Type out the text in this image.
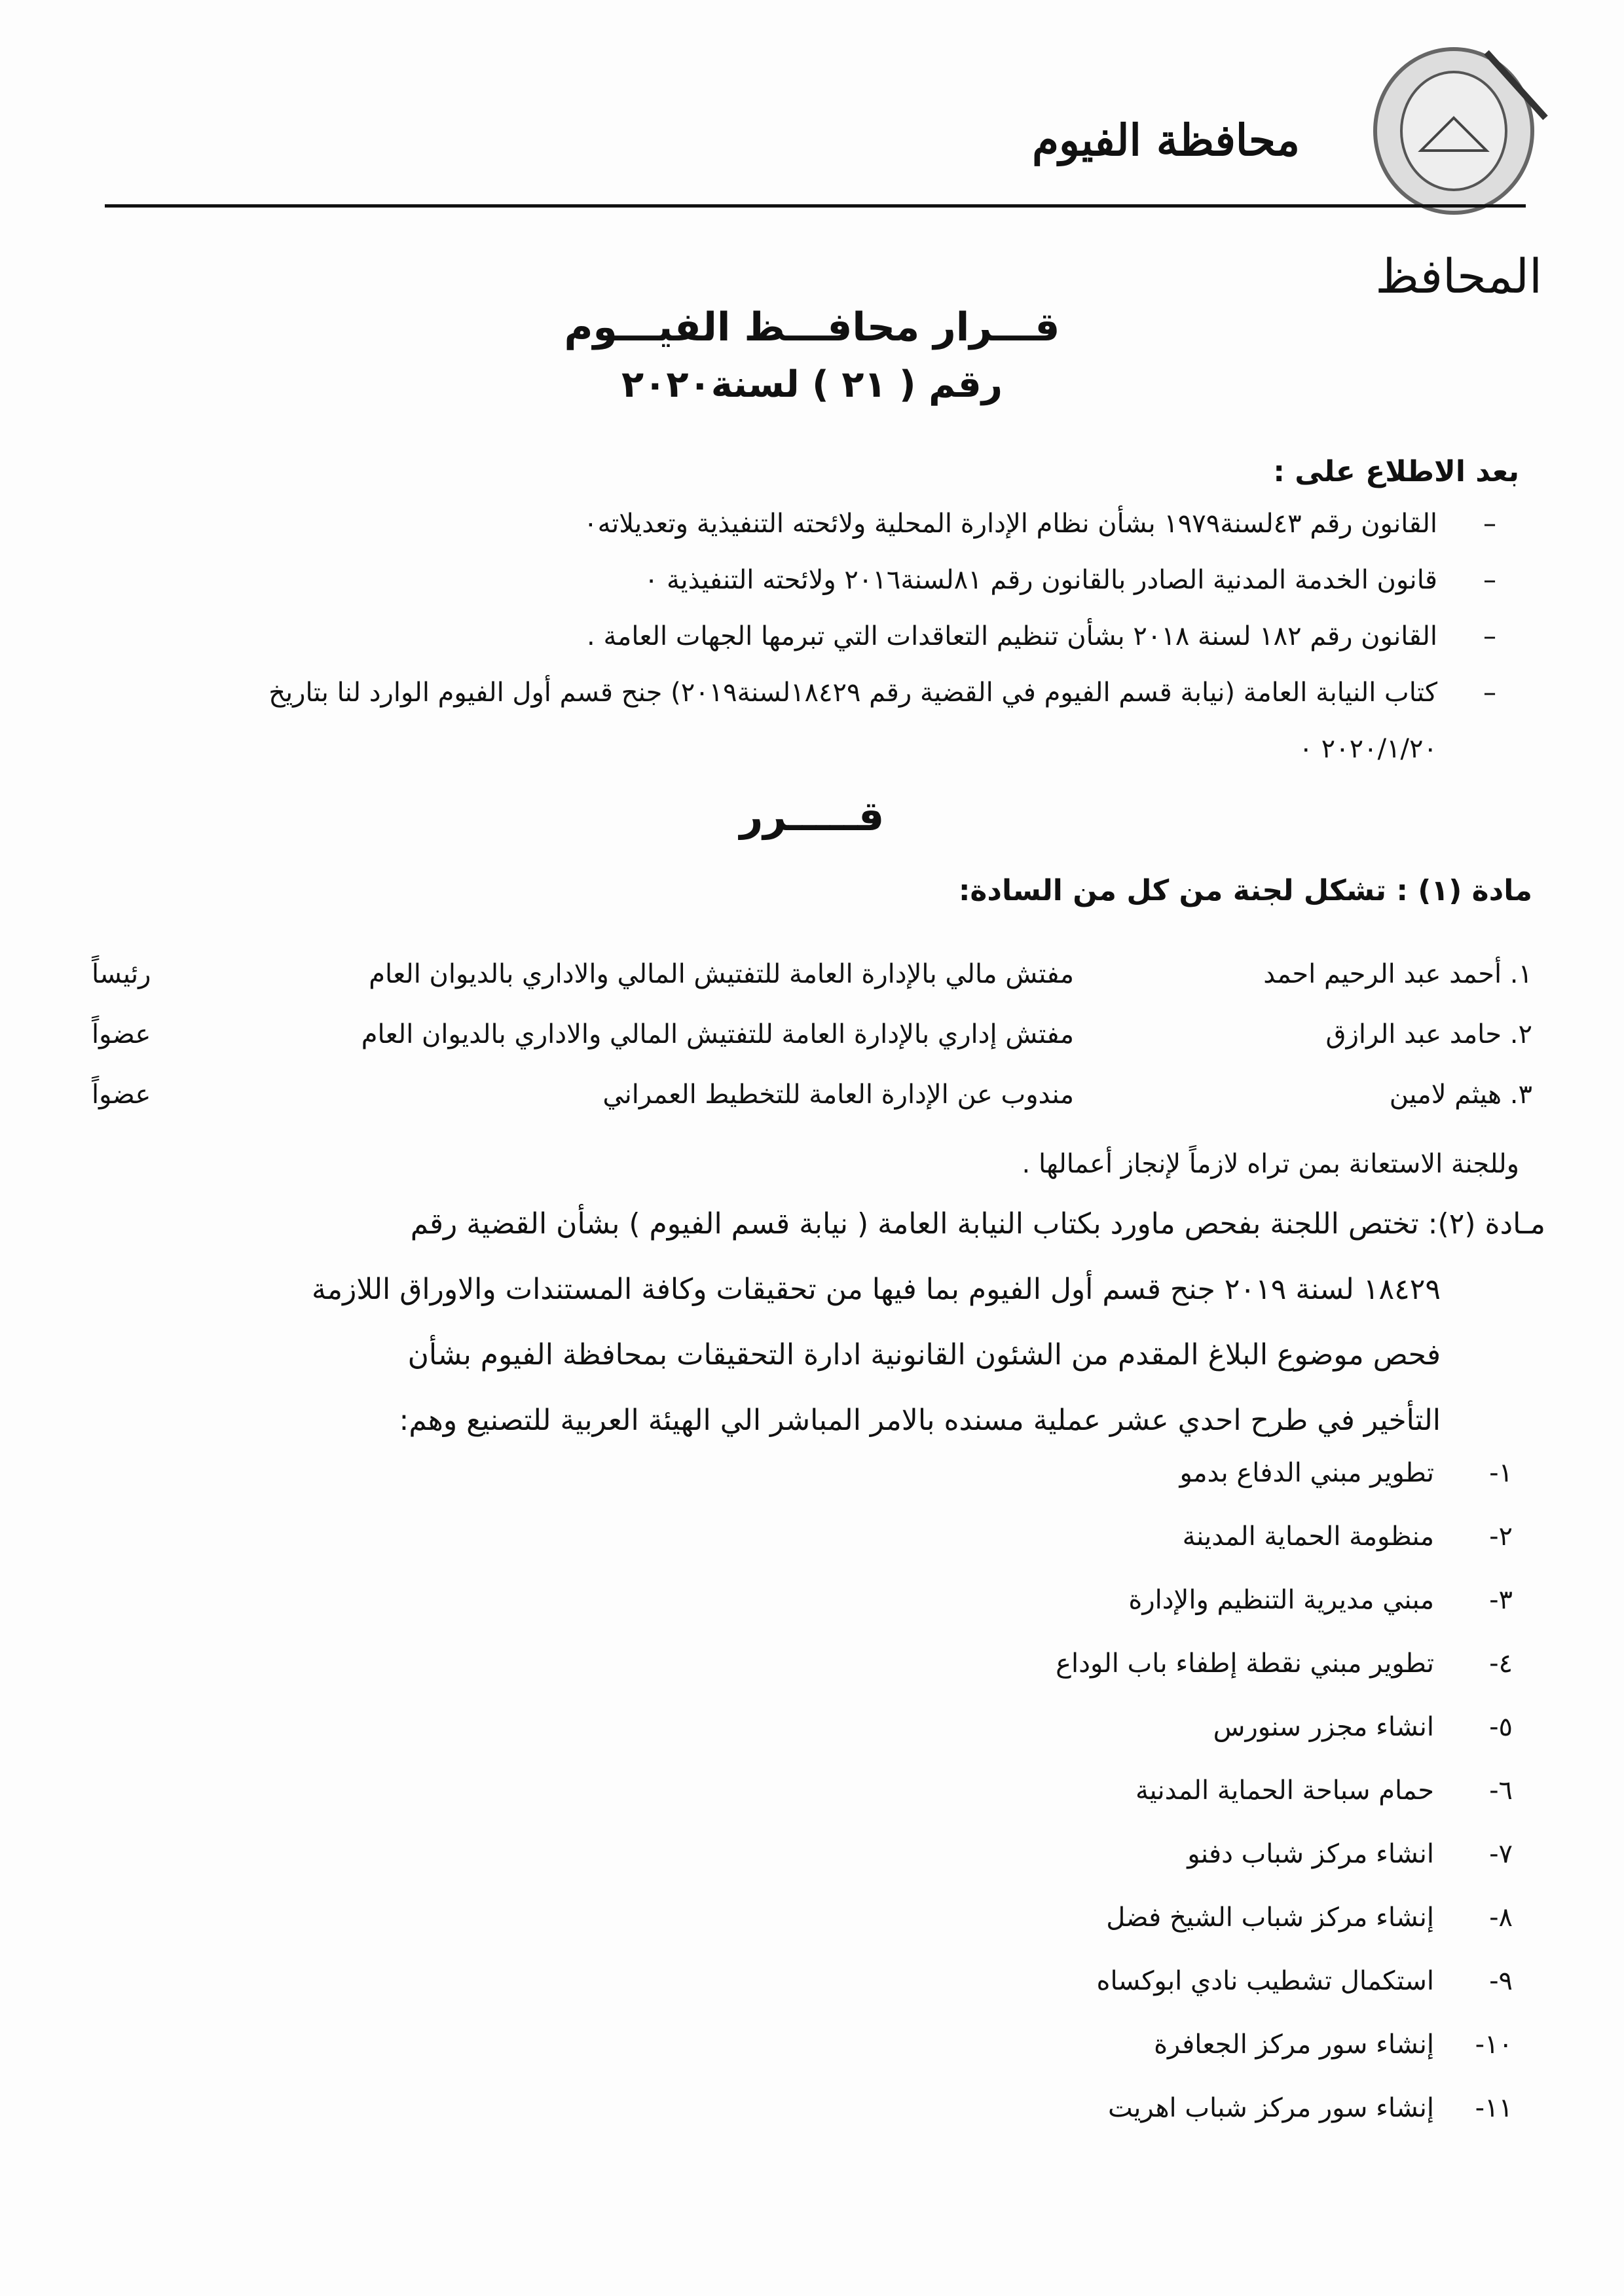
محافظة الفيوم
المحافظ
قـــرار محافـــظ الفيـــوم
رقم ( ٢١ ) لسنة٢٠٢٠
بعد الاطلاع على :
–
القانون رقم ٤٣لسنة١٩٧٩ بشأن نظام الإدارة المحلية ولائحته التنفيذية وتعديلاته٠
–
قانون الخدمة المدنية الصادر بالقانون رقم ٨١لسنة٢٠١٦ ولائحته التنفيذية ٠
–
القانون رقم ١٨٢ لسنة ٢٠١٨ بشأن تنظيم التعاقدات التي تبرمها الجهات العامة .
–
كتاب النيابة العامة (نيابة قسم الفيوم في القضية رقم ١٨٤٢٩لسنة٢٠١٩) جنح قسم أول الفيوم الوارد لنا بتاريخ
٢٠٢٠/١/٢٠ ٠
قـــــرر
مادة (١) : تشكل لجنة من كل من السادة:
١. أحمد عبد الرحيم احمد
مفتش مالي بالإدارة العامة للتفتيش المالي والاداري بالديوان العام
رئيساً
٢. حامد عبد الرازق
مفتش إداري بالإدارة العامة للتفتيش المالي والاداري بالديوان العام
عضواً
٣. هيثم لامين
مندوب عن الإدارة العامة للتخطيط العمراني
عضواً
وللجنة الاستعانة بمن تراه لازماً لإنجاز أعمالها .

مـادة (٢): تختص اللجنة بفحص ماورد بكتاب النيابة العامة ( نيابة قسم الفيوم ) بشأن القضية رقم

١٨٤٢٩ لسنة ٢٠١٩ جنح قسم أول الفيوم بما فيها من تحقيقات وكافة المستندات والاوراق اللازمة

فحص موضوع البلاغ المقدم من الشئون القانونية ادارة التحقيقات بمحافظة الفيوم بشأن

التأخير في طرح احدي عشر عملية مسنده بالامر المباشر الي الهيئة العربية للتصنيع وهم:

١-
تطوير مبني الدفاع بدمو
٢-
منظومة الحماية المدينة
٣-
مبني مديرية التنظيم والإدارة
٤-
تطوير مبني نقطة إطفاء باب الوداع
٥-
انشاء مجزر سنورس
٦-
حمام سباحة الحماية المدنية
٧-
انشاء مركز شباب دفنو
٨-
إنشاء مركز شباب الشيخ فضل
٩-
استكمال تشطيب نادي ابوكساه
١٠-
إنشاء سور مركز الجعافرة
١١-
إنشاء سور مركز شباب اهريت
